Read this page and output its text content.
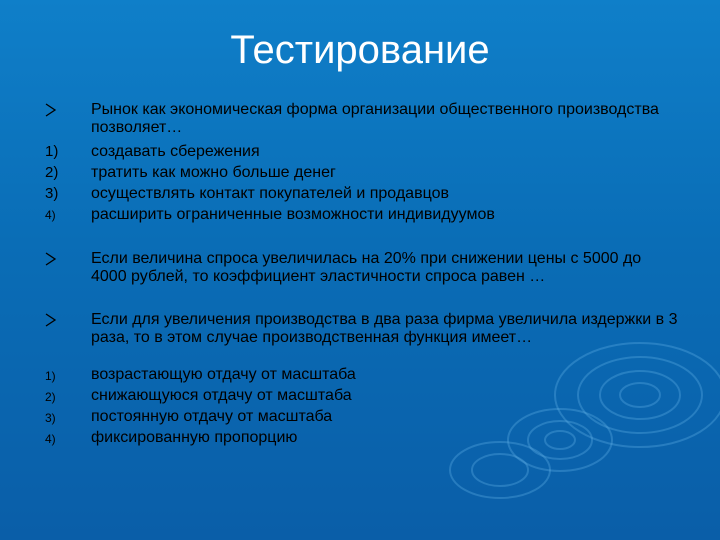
Тестирование
Рынок как экономическая форма организации общественного производства позволяет…
1) создавать сбережения
2) тратить как можно больше денег
3) осуществлять контакт покупателей и продавцов
4) расширить ограниченные возможности индивидуумов
Если величина спроса увеличилась на 20% при снижении цены с 5000 до 4000 рублей, то коэффициент эластичности спроса равен …
Если для увеличения производства в два раза фирма увеличила издержки в 3 раза, то в этом случае производственная функция имеет…
1) возрастающую отдачу от масштаба
2) снижающуюся отдачу от масштаба
3) постоянную отдачу от масштаба
4) фиксированную пропорцию
